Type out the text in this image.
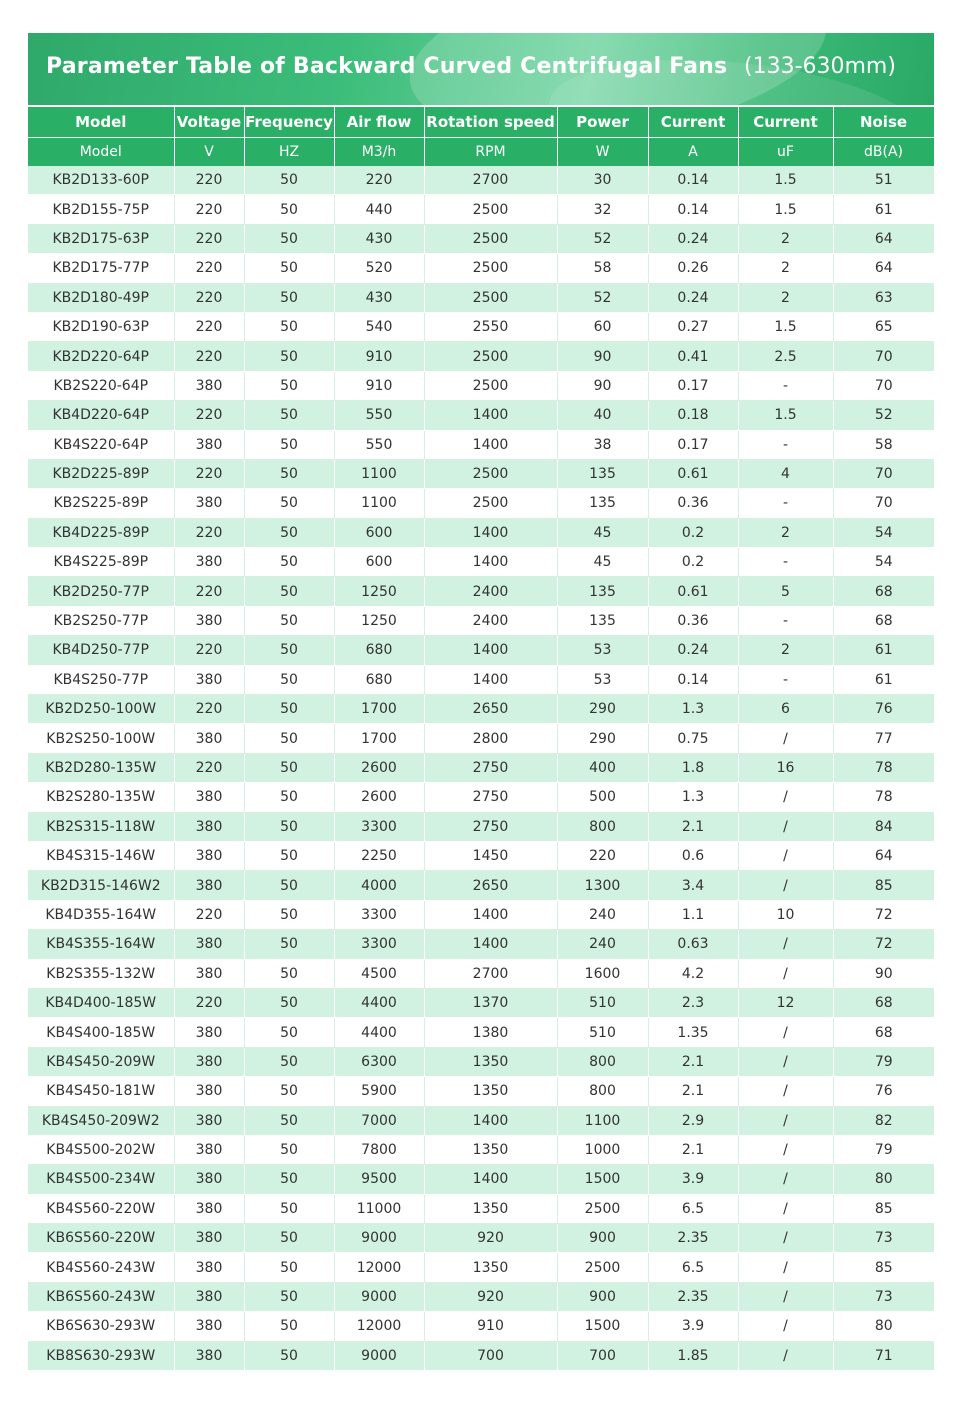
Parameter Table of Backward Curved Centrifugal Fans (133-630mm)
Model	Voltage	Frequency	Air flow	Rotation speed	Power	Current	Current	Noise
Model	V	HZ	M3/h	RPM	W	A	uF	dB(A)
KB2D133-60P	220	50	220	2700	30	0.14	1.5	51
KB2D155-75P	220	50	440	2500	32	0.14	1.5	61
KB2D175-63P	220	50	430	2500	52	0.24	2	64
KB2D175-77P	220	50	520	2500	58	0.26	2	64
KB2D180-49P	220	50	430	2500	52	0.24	2	63
KB2D190-63P	220	50	540	2550	60	0.27	1.5	65
KB2D220-64P	220	50	910	2500	90	0.41	2.5	70
KB2S220-64P	380	50	910	2500	90	0.17	-	70
KB4D220-64P	220	50	550	1400	40	0.18	1.5	52
KB4S220-64P	380	50	550	1400	38	0.17	-	58
KB2D225-89P	220	50	1100	2500	135	0.61	4	70
KB2S225-89P	380	50	1100	2500	135	0.36	-	70
KB4D225-89P	220	50	600	1400	45	0.2	2	54
KB4S225-89P	380	50	600	1400	45	0.2	-	54
KB2D250-77P	220	50	1250	2400	135	0.61	5	68
KB2S250-77P	380	50	1250	2400	135	0.36	-	68
KB4D250-77P	220	50	680	1400	53	0.24	2	61
KB4S250-77P	380	50	680	1400	53	0.14	-	61
KB2D250-100W	220	50	1700	2650	290	1.3	6	76
KB2S250-100W	380	50	1700	2800	290	0.75	/	77
KB2D280-135W	220	50	2600	2750	400	1.8	16	78
KB2S280-135W	380	50	2600	2750	500	1.3	/	78
KB2S315-118W	380	50	3300	2750	800	2.1	/	84
KB4S315-146W	380	50	2250	1450	220	0.6	/	64
KB2D315-146W2	380	50	4000	2650	1300	3.4	/	85
KB4D355-164W	220	50	3300	1400	240	1.1	10	72
KB4S355-164W	380	50	3300	1400	240	0.63	/	72
KB2S355-132W	380	50	4500	2700	1600	4.2	/	90
KB4D400-185W	220	50	4400	1370	510	2.3	12	68
KB4S400-185W	380	50	4400	1380	510	1.35	/	68
KB4S450-209W	380	50	6300	1350	800	2.1	/	79
KB4S450-181W	380	50	5900	1350	800	2.1	/	76
KB4S450-209W2	380	50	7000	1400	1100	2.9	/	82
KB4S500-202W	380	50	7800	1350	1000	2.1	/	79
KB4S500-234W	380	50	9500	1400	1500	3.9	/	80
KB4S560-220W	380	50	11000	1350	2500	6.5	/	85
KB6S560-220W	380	50	9000	920	900	2.35	/	73
KB4S560-243W	380	50	12000	1350	2500	6.5	/	85
KB6S560-243W	380	50	9000	920	900	2.35	/	73
KB6S630-293W	380	50	12000	910	1500	3.9	/	80
KB8S630-293W	380	50	9000	700	700	1.85	/	71
